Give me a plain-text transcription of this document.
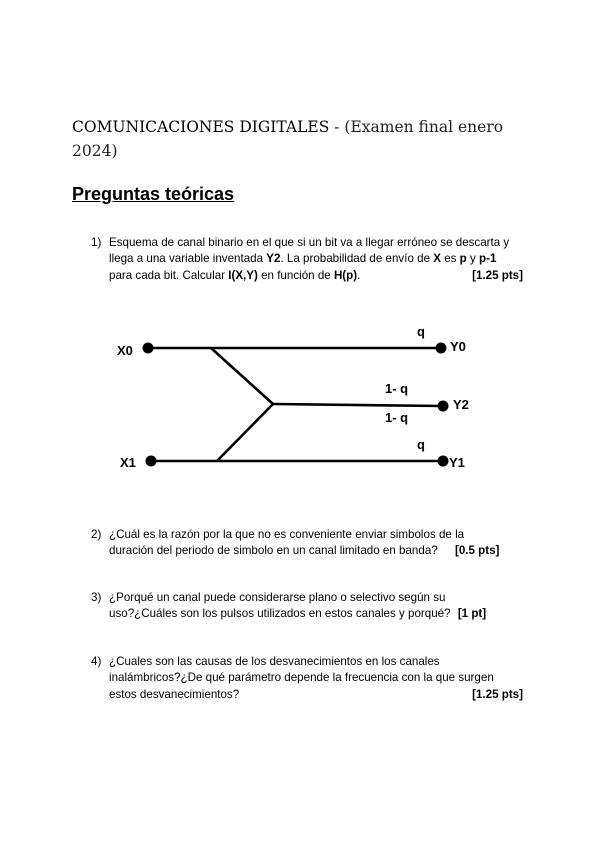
COMUNICACIONES DIGITALES - (Examen final enero
2024)
Preguntas teóricas
1) Esquema de canal binario en el que si un bit va a llegar erróneo se descarta y
llega a una variable inventada Y2. La probabilidad de envío de X es p y p-1
para cada bit. Calcular I(X,Y) en función de H(p).	[1.25 pts]
X0
X1
Y0
Y2
Y1
q
1- q
1- q
q
2) ¿Cuál es la razón por la que no es conveniente enviar simbolos de la
duración del periodo de simbolo en un canal limitado en banda? [0.5 pts]
3) ¿Porqué un canal puede considerarse plano o selectivo según su
uso?¿Cuáles son los pulsos utilizados en estos canales y porqué? [1 pt]
4) ¿Cuales son las causas de los desvanecimientos en los canales
inalámbricos?¿De qué parámetro depende la frecuencia con la que surgen
estos desvanecimientos?	[1.25 pts]
